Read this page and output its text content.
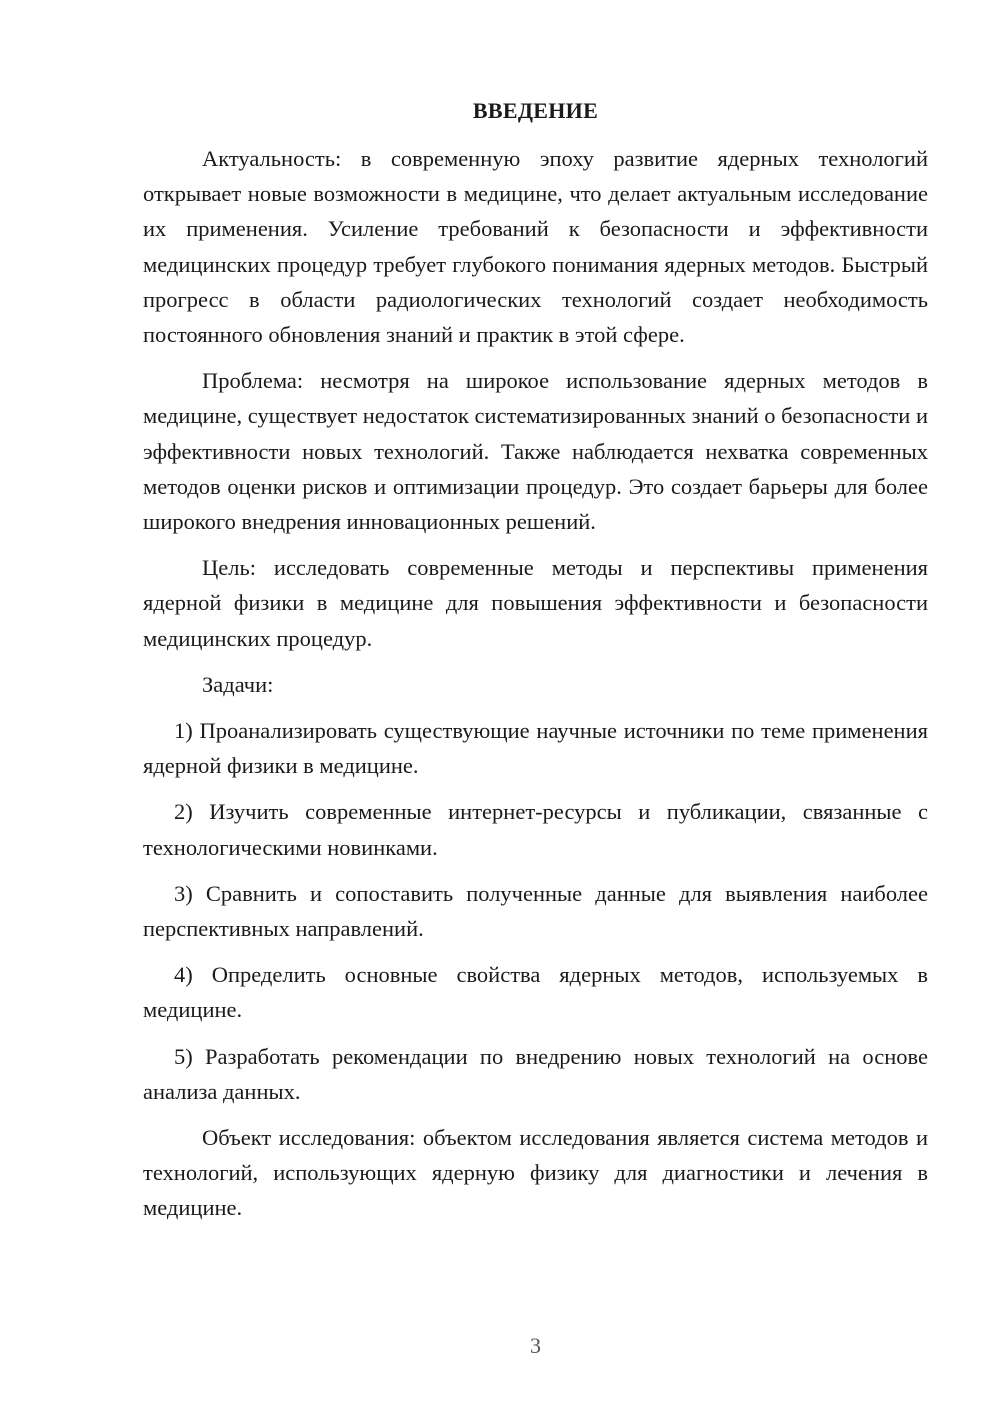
ВВЕДЕНИЕ

Актуальность: в современную эпоху развитие ядерных технологий открывает новые возможности в медицине, что делает актуальным исследование их применения. Усиление требований к безопасности и эффективности медицинских процедур требует глубокого понимания ядерных методов. Быстрый прогресс в области радиологических технологий создает необходимость постоянного обновления знаний и практик в этой сфере.

Проблема: несмотря на широкое использование ядерных методов в медицине, существует недостаток систематизированных знаний о безопасности и эффективности новых технологий. Также наблюдается нехватка современных методов оценки рисков и оптимизации процедур. Это создает барьеры для более широкого внедрения инновационных решений.

Цель: исследовать современные методы и перспективы применения ядерной физики в медицине для повышения эффективности и безопасности медицинских процедур.

Задачи:

1) Проанализировать существующие научные источники по теме применения ядерной физики в медицине.

2) Изучить современные интернет-ресурсы и публикации, связанные с технологическими новинками.

3) Сравнить и сопоставить полученные данные для выявления наиболее перспективных направлений.

4) Определить основные свойства ядерных методов, используемых в медицине.

5) Разработать рекомендации по внедрению новых технологий на основе анализа данных.

Объект исследования: объектом исследования является система методов и технологий, использующих ядерную физику для диагностики и лечения в медицине.

3
